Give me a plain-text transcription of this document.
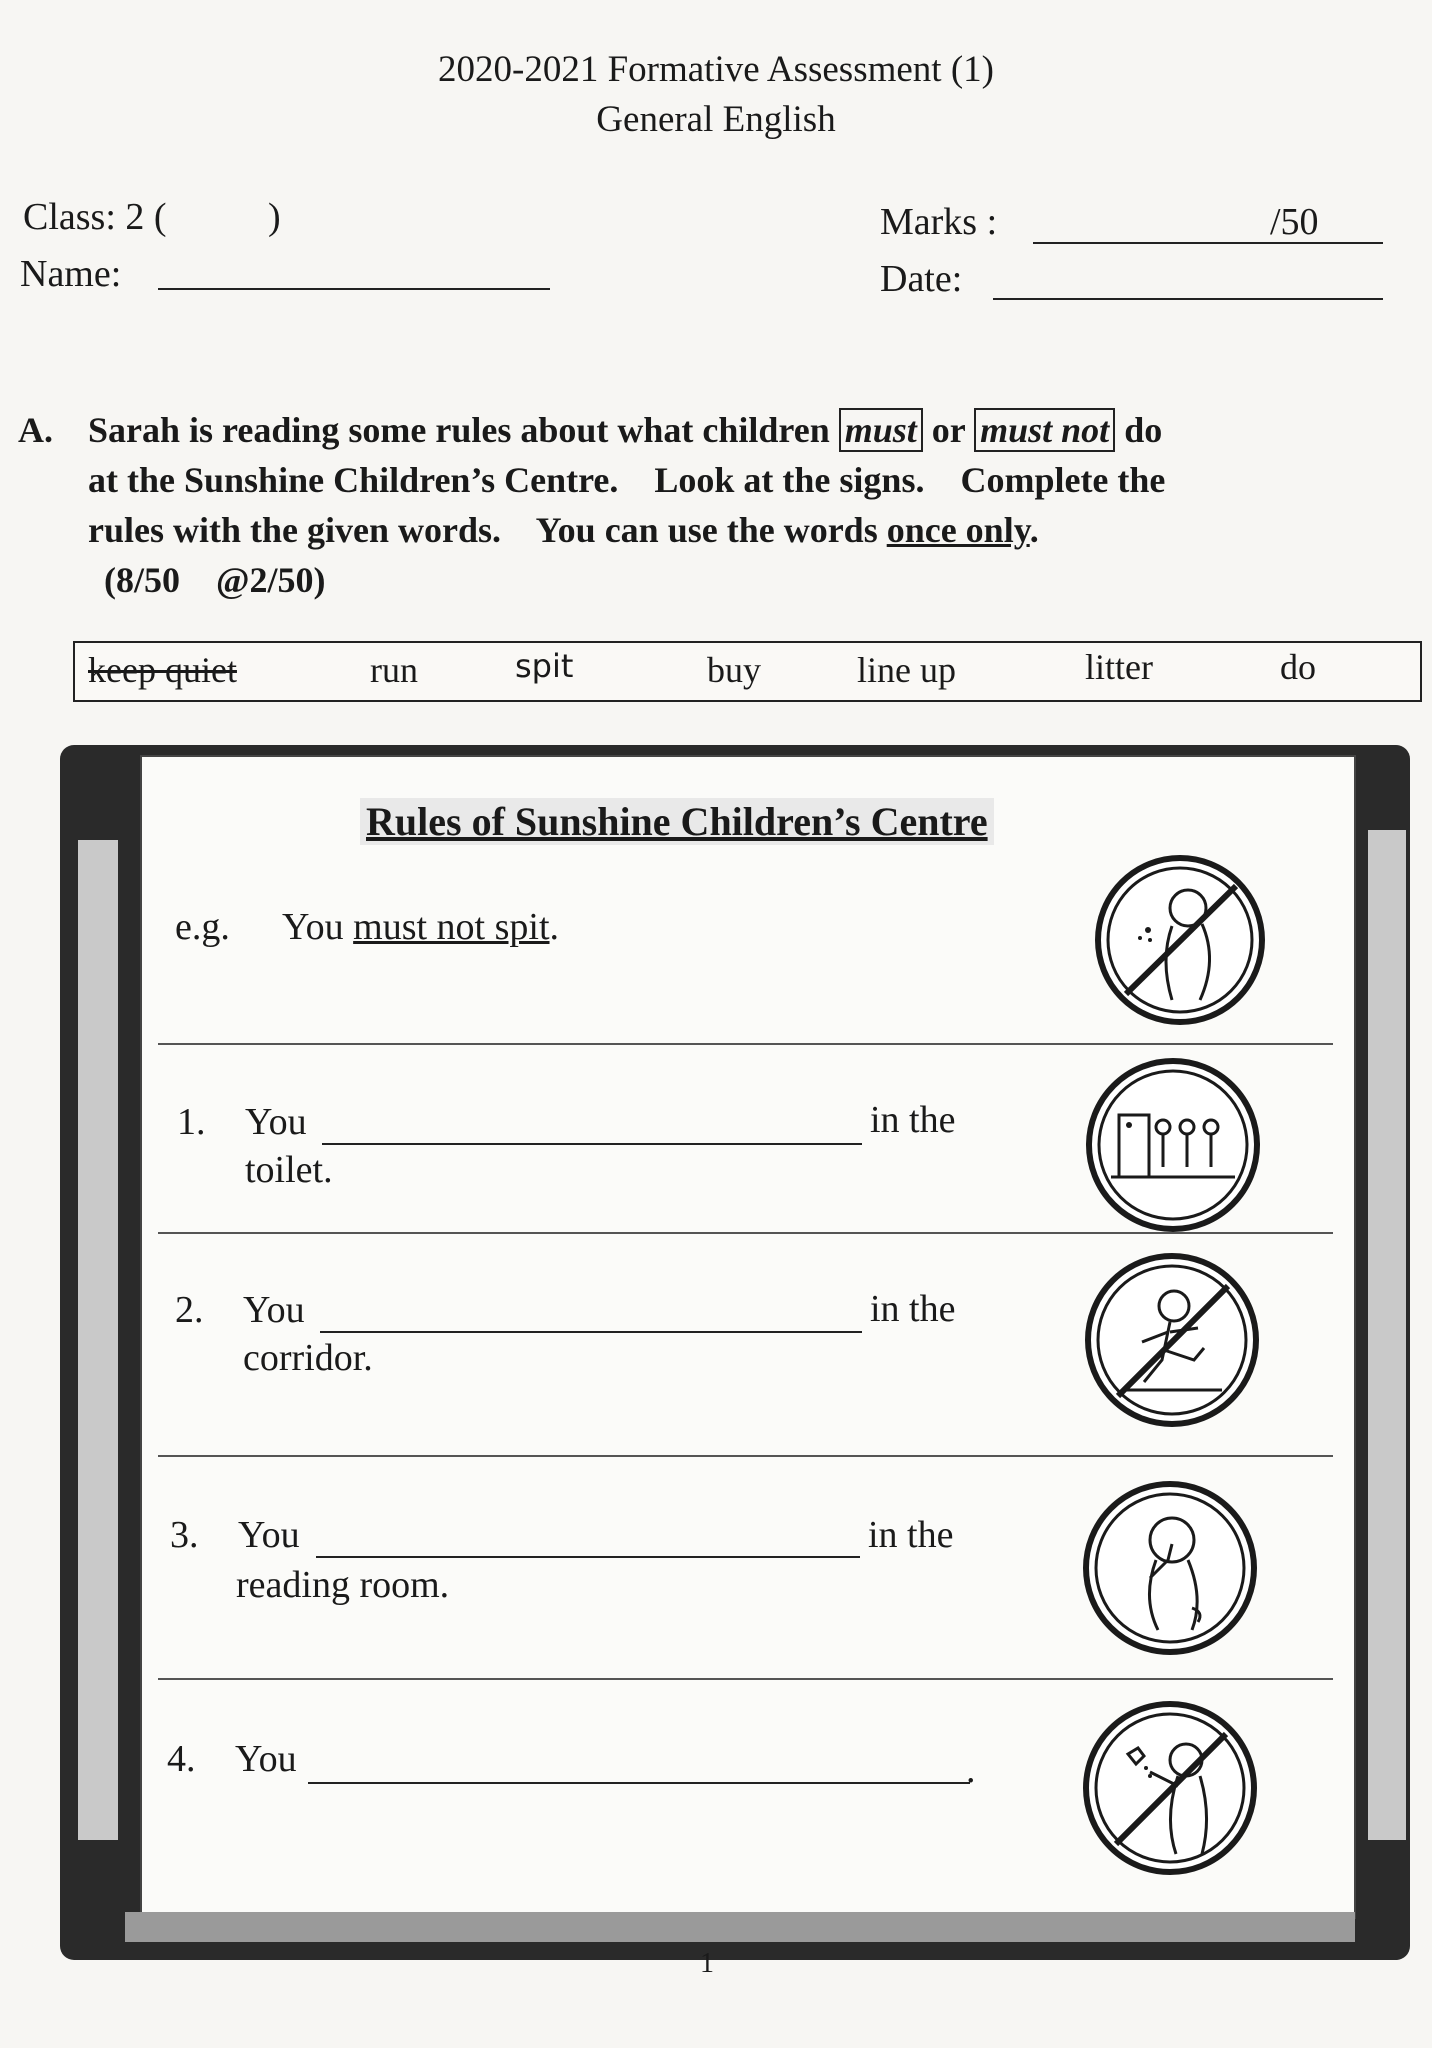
2020-2021 Formative Assessment (1)
General English
Class: 2 (	)
Name:
Marks :	/50
Date:
A. Sarah is reading some rules about what children must or must not do
at the Sunshine Children’s Centre.    Look at the signs.    Complete the
rules with the given words.    You can use the words once only.
(8/50    @2/50)
keep quiet	run	spit	buy	line up	litter	do
Rules of Sunshine Children’s Centre
e.g. You must not spit.
1. You	in the
toilet.
2. You	in the
corridor.
3. You	in the
reading room.
4. You	.
1
